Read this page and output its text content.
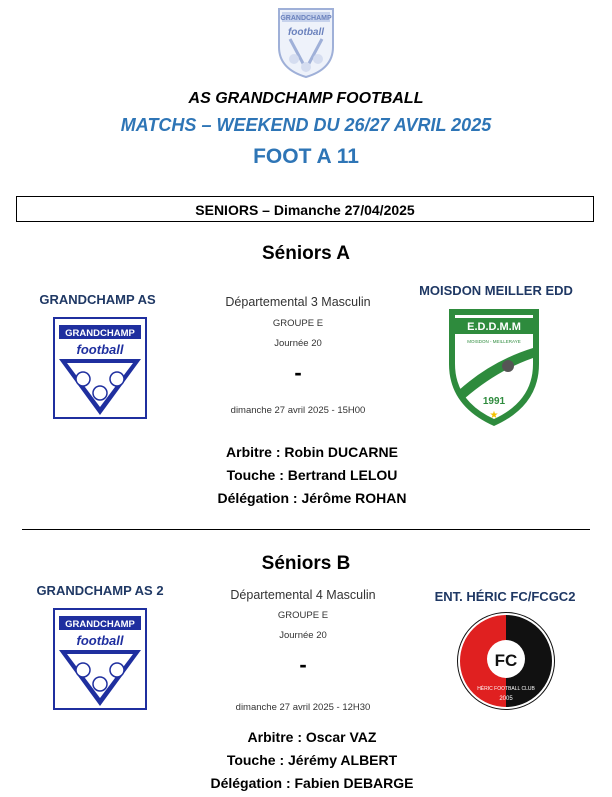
GRANDCHAMP
football
AS GRANDCHAMP FOOTBALL
MATCHS – WEEKEND DU 26/27 AVRIL 2025
FOOT A 11
SENIORS – Dimanche 27/04/2025
Séniors A
GRANDCHAMP AS
GRANDCHAMP
football
Départemental 3 Masculin
GROUPE E
Journée 20
-
dimanche 27 avril 2025 - 15H00
MOISDON MEILLER EDD
E.D.D.M.M
MOISDON - MEILLERAYE
1991
★
Arbitre : Robin DUCARNE
Touche : Bertrand LELOU
Délégation : Jérôme ROHAN
Séniors B
GRANDCHAMP AS 2
GRANDCHAMP
football
Départemental 4 Masculin
GROUPE E
Journée 20
-
dimanche 27 avril 2025 - 12H30
ENT. HÉRIC FC/FCGC2
FC
HÉRIC FOOTBALL CLUB
2005
Arbitre : Oscar VAZ
Touche : Jérémy ALBERT
Délégation : Fabien DEBARGE
